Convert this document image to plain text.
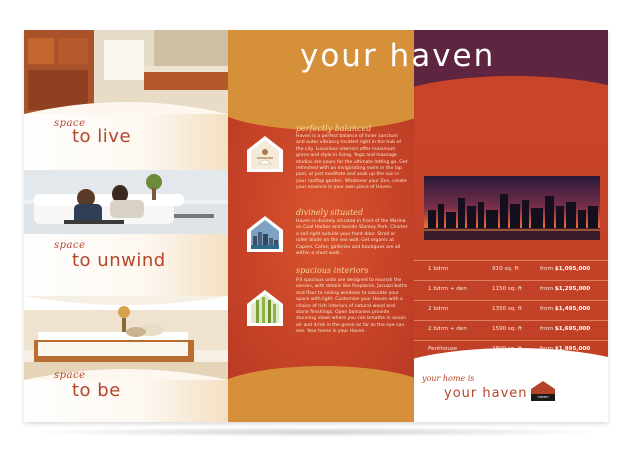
space
to live
space
to unwind
space
to be
perfectly balanced
Haven is a perfect balance of inner sanctum and outer vibrancy located right in the hub of the city. Luxurious interiors offer maximum grace and style in living. Yoga and massage studios are yours for the ultimate letting go. Get refreshed with an invigorating swim in the lap pool, or just meditate and soak up the sun in your rooftop garden. Whatever your Zen, create your essence in your own piece of Haven.
divinely situated
Haven is divinely situated in front of the Marina on Coal Harbor and beside Stanley Park. Charter a sail right outside your front door. Stroll or roller blade on the sea wall. Get organic at Capers. Cafes, galleries and boutiques are all within a short walk.
spacious interiors
Fill spacious units are designed to nourish the senses, with details like fireplaces, Jacuzzi baths and floor to ceiling windows to saturate your space with light. Customize your Haven with a choice of rich interiors of natural wood and stone finishings. Open balconies provide stunning views where you can breathe in ocean air and drink in the green as far as the eye can see. Your home is your Haven.
1 bdrm	910 sq. ft	from $1,095,000
1 bdrm + den	1150 sq. ft	from $1,295,000
2 bdrm	1350 sq. ft	from $1,495,000
2 bdrm + den	1590 sq. ft	from $1,695,000
Penthouse	2800 sq. ft	from $1,995,000
your haven
your home is
your haven	haven
